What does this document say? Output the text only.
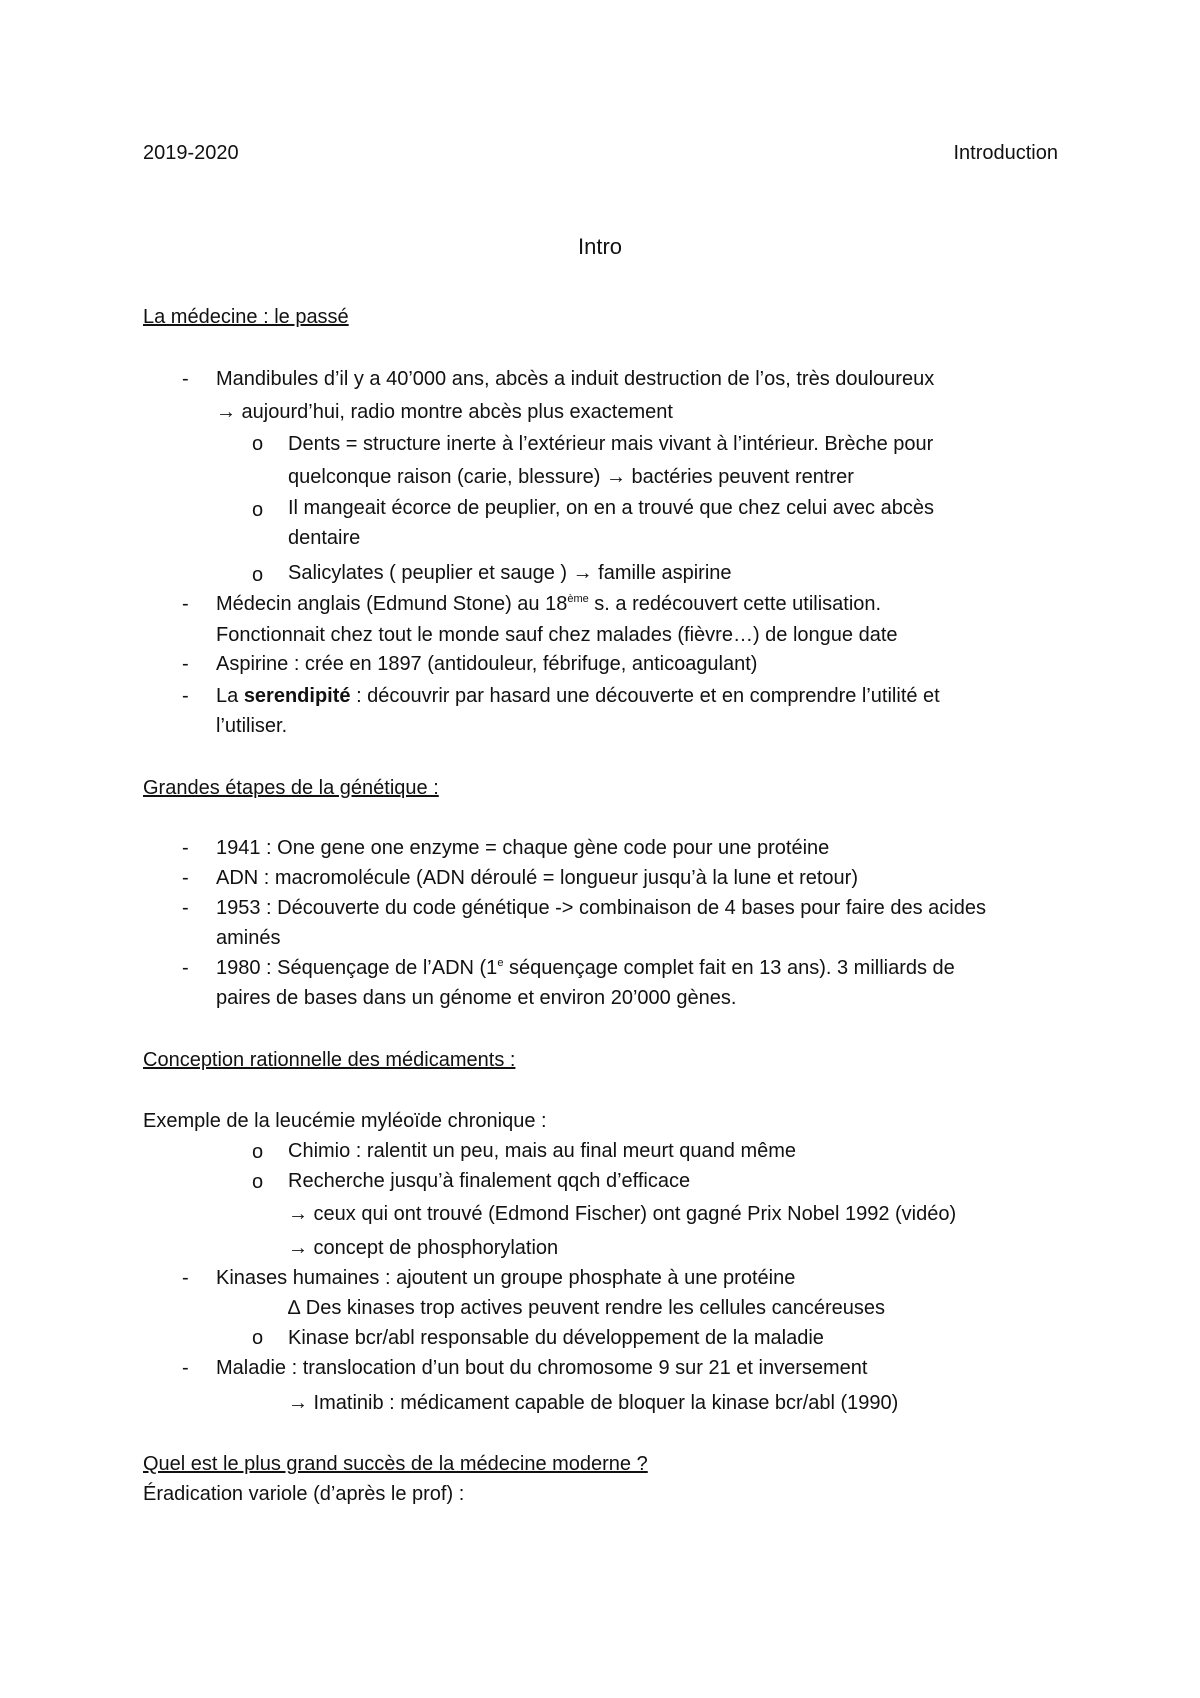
2019-2020	Introduction
Intro
La médecine : le passé
- Mandibules d’il y a 40’000 ans, abcès a induit destruction de l’os, très douloureux
→ aujourd’hui, radio montre abcès plus exactement
o Dents = structure inerte à l’extérieur mais vivant à l’intérieur. Brèche pour
quelconque raison (carie, blessure) → bactéries peuvent rentrer
o Il mangeait écorce de peuplier, on en a trouvé que chez celui avec abcès
dentaire
o Salicylates ( peuplier et sauge ) → famille aspirine
- Médecin anglais (Edmund Stone) au 18ème s. a redécouvert cette utilisation.
Fonctionnait chez tout le monde sauf chez malades (fièvre…) de longue date
- Aspirine : crée en 1897 (antidouleur, fébrifuge, anticoagulant)
- La serendipité : découvrir par hasard une découverte et en comprendre l’utilité et
l’utiliser.
Grandes étapes de la génétique :
- 1941 : One gene one enzyme = chaque gène code pour une protéine
- ADN : macromolécule (ADN déroulé = longueur jusqu’à la lune et retour)
- 1953 : Découverte du code génétique -> combinaison de 4 bases pour faire des acides
aminés
- 1980 : Séquençage de l’ADN (1e séquençage complet fait en 13 ans). 3 milliards de
paires de bases dans un génome et environ 20’000 gènes.
Conception rationnelle des médicaments :
Exemple de la leucémie myléoïde chronique :
o Chimio : ralentit un peu, mais au final meurt quand même
o Recherche jusqu’à finalement qqch d’efficace
→ ceux qui ont trouvé (Edmond Fischer) ont gagné Prix Nobel 1992 (vidéo)
→ concept de phosphorylation
- Kinases humaines : ajoutent un groupe phosphate à une protéine
∆ Des kinases trop actives peuvent rendre les cellules cancéreuses
o Kinase bcr/abl responsable du développement de la maladie
- Maladie : translocation d’un bout du chromosome 9 sur 21 et inversement
→ Imatinib : médicament capable de bloquer la kinase bcr/abl (1990)
Quel est le plus grand succès de la médecine moderne ?
Éradication variole (d’après le prof) :
